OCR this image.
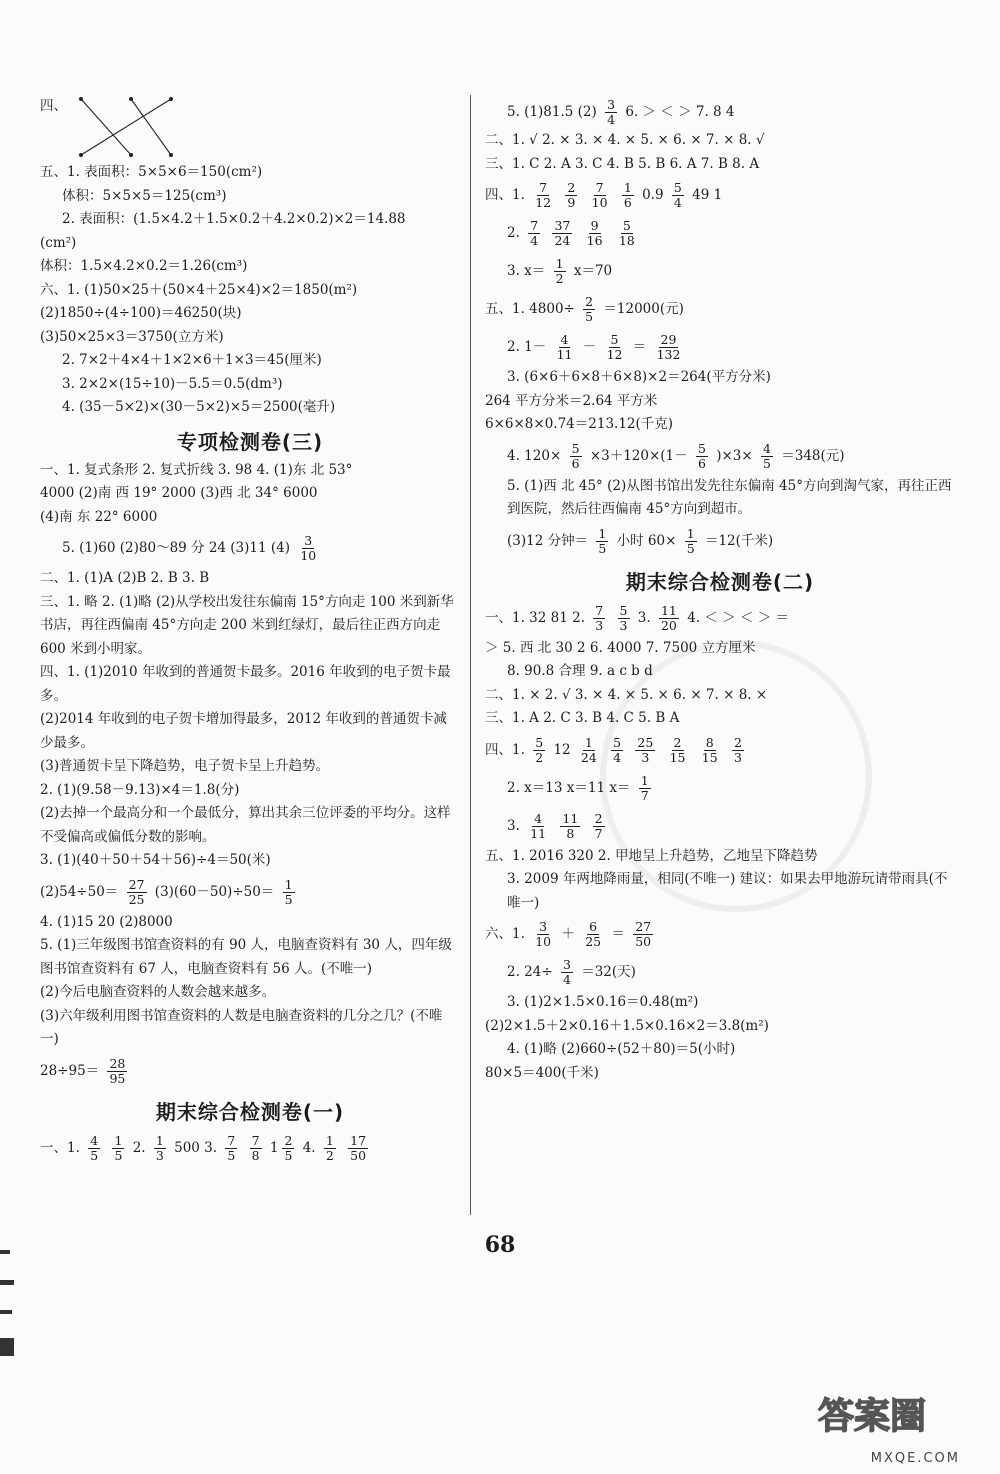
四、
五、1. 表面积：5×5×6＝150(cm²)
体积：5×5×5＝125(cm³)
2. 表面积：(1.5×4.2＋1.5×0.2＋4.2×0.2)×2＝14.88
(cm²)
体积：1.5×4.2×0.2＝1.26(cm³)
六、1. (1)50×25＋(50×4＋25×4)×2＝1850(m²)
(2)1850÷(4÷100)＝46250(块)
(3)50×25×3＝3750(立方米)
2. 7×2＋4×4＋1×2×6＋1×3＝45(厘米)
3. 2×2×(15÷10)－5.5＝0.5(dm³)
4. (35－5×2)×(30－5×2)×5＝2500(毫升)
专项检测卷(三)
一、1. 复式条形 2. 复式折线 3. 98 4. (1)东 北 53°
4000 (2)南 西 19° 2000 (3)西 北 34° 6000
(4)南 东 22° 6000
5. (1)60 (2)80～89 分 24 (3)11 $(4) \frac{3}{10}$
二、1. (1)A (2)B 2. B 3. B
三、1. 略 2. (1)略 (2)从学校出发往东偏南 15°方向走 100 米到新华书店，再往西偏南 45°方向走 200 米到红绿灯，最后往正西方向走 600 米到小明家。
四、1. (1)2010 年收到的普通贺卡最多。2016 年收到的电子贺卡最多。
(2)2014 年收到的电子贺卡增加得最多，2012 年收到的普通贺卡减少最多。
(3)普通贺卡呈下降趋势，电子贺卡呈上升趋势。
2. (1)(9.58－9.13)×4＝1.8(分)
(2)去掉一个最高分和一个最低分，算出其余三位评委的平均分。这样不受偏高或偏低分数的影响。
3. (1)(40＋50＋54＋56)÷4＝50(米)
$(2)54\div 50= \frac{27}{25} (3)(60-50)\div 50= \frac{1}{5}$
4. (1)15 20 (2)8000
5. (1)三年级图书馆查资料的有 90 人，电脑查资料有 30 人，四年级图书馆查资料有 67 人，电脑查资料有 56 人。(不唯一)
(2)今后电脑查资料的人数会越来越多。
(3)六年级利用图书馆查资料的人数是电脑查资料的几分之几？(不唯一)
$28\div 95= \frac{28}{95}$
期末综合检测卷(一)
一、1. $\frac{4}{5}$
$\frac{1}{5} 2$. $\frac{1}{3} 500$ 3. $\frac{7}{5}$
$\frac{7}{8} 1 \frac{2}{5} 4$. $\frac{1}{2}$
$\frac{17}{50}$
5. (1)81.5 $(2) \frac{3}{4} 6$. ＞ ＜ ＞ 7. 8 4
二、1. √ 2. × 3. × 4. × 5. × 6. × 7. × 8. √
三、1. C 2. A 3. C 4. B 5. B 6. A 7. B 8. A
四、1. $\frac{7}{12}$
$\frac{2}{9}$
$\frac{7}{10}$
$\frac{1}{6} 0.9 \frac{5}{4} 49$ 1
2. $\frac{7}{4}$
$\frac{37}{24}$
$\frac{9}{16}$
$\frac{5}{18}$
3. $x= \frac{1}{2} x=70$
五、1. $4800\div \frac{2}{5} =12000$(元)
2. $1- \frac{4}{11} - \frac{5}{12} = \frac{29}{132}$
3. (6×6＋6×8＋6×8)×2＝264(平方分米)
264 平方分米＝2.64 平方米
6×6×8×0.74＝213.12(千克)
4. $120\times \frac{5}{6} \times 3+120\times(1- \frac{5}{6} )\times 3\times \frac{4}{5} =348$(元)
5. (1)西 北 45° (2)从图书馆出发先往东偏南 45°方向到淘气家，再往正西到医院，然后往西偏南 45°方向到超市。
(3)12 分钟＝ $\frac{1}{5}$ 小时 $60\times \frac{1}{5} =12$(千米)
期末综合检测卷(二)
一、1. 32 81 2. $\frac{7}{3}$
$\frac{5}{3} 3$. $\frac{11}{20} 4$. ＜ ＞ ＜ ＞ ＝
＞ 5. 西 北 30 2 6. 4000 7. 7500 立方厘米
8. 90.8 合理 9. a c b d
二、1. × 2. √ 3. × 4. × 5. × 6. × 7. × 8. ×
三、1. A 2. C 3. B 4. C 5. B A
四、1. $\frac{5}{2} 12 \frac{1}{24}$
$\frac{5}{4}$
$\frac{25}{3}$
$\frac{2}{15}$
$\frac{8}{15}$
$\frac{2}{3}$
2. x＝13 x＝11 $x= \frac{1}{7}$
3. $\frac{4}{11}$
$\frac{11}{8}$
$\frac{2}{7}$
五、1. 2016 320 2. 甲地呈上升趋势，乙地呈下降趋势
3. 2009 年两地降雨量，相同(不唯一) 建议：如果去甲地游玩请带雨具(不唯一)
六、1. $\frac{3}{10} + \frac{6}{25} = \frac{27}{50}$
2. $24\div \frac{3}{4} =32$(天)
3. (1)2×1.5×0.16＝0.48(m²)
(2)2×1.5＋2×0.16＋1.5×0.16×2＝3.8(m²)
4. (1)略 (2)660÷(52＋80)＝5(小时)
80×5＝400(千米)
68
答案圈
MXQE.COM
